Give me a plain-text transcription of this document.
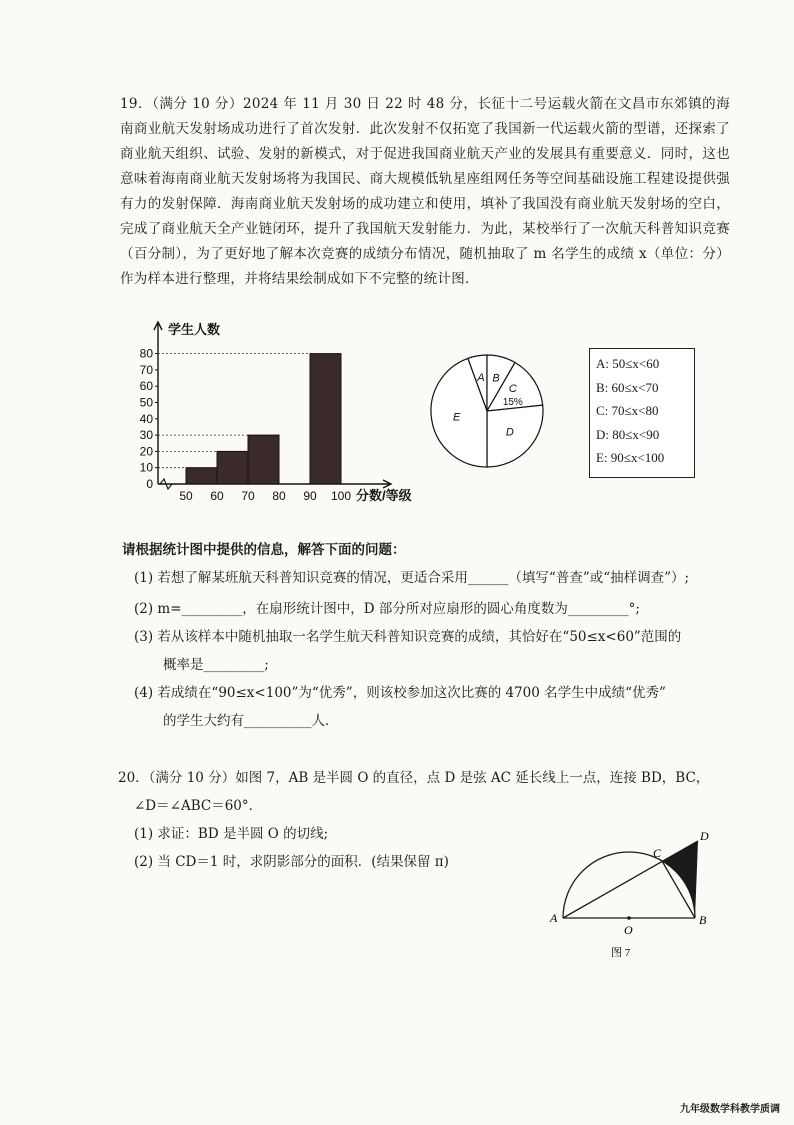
19．（满分 10 分）2024 年 11 月 30 日 22 时 48 分，长征十二号运载火箭在文昌市东郊镇的海南商业航天发射场成功进行了首次发射．此次发射不仅拓宽了我国新一代运载火箭的型谱，还探索了商业航天组织、试验、发射的新模式，对于促进我国商业航天产业的发展具有重要意义．同时，这也意味着海南商业航天发射场将为我国民、商大规模低轨星座组网任务等空间基础设施工程建设提供强有力的发射保障．海南商业航天发射场的成功建立和使用，填补了我国没有商业航天发射场的空白，完成了商业航天全产业链闭环，提升了我国航天发射能力．为此，某校举行了一次航天科普知识竞赛（百分制），为了更好地了解本次竞赛的成绩分布情况，随机抽取了 m 名学生的成绩 x（单位：分）作为样本进行整理，并将结果绘制成如下不完整的统计图．
0
10
20
30
40
50
60
70
80
50 60 70 80 90 100 分数/等级
学生人数
A B
C
15%
D
E
A: 50≤x<60
B: 60≤x<70
C: 70≤x<80
D: 80≤x<90
E: 90≤x<100
请根据统计图中提供的信息，解答下面的问题：
(1) 若想了解某班航天科普知识竞赛的情况，更适合采用______（填写“普查”或“抽样调查”）;
(2) m=_________，在扇形统计图中，D 部分所对应扇形的圆心角度数为_________°;
(3) 若从该样本中随机抽取一名学生航天科普知识竞赛的成绩，其恰好在“50≤x<60”范围的
概率是_________;
(4) 若成绩在“90≤x<100”为“优秀”，则该校参加这次比赛的 4700 名学生中成绩“优秀”
的学生大约有__________人．
20．（满分 10 分）如图 7，AB 是半圆 O 的直径，点 D 是弦 AC 延长线上一点，连接 BD，BC，
∠D＝∠ABC＝60°．
(1) 求证：BD 是半圆 O 的切线;
(2) 当 CD＝1 时，求阴影部分的面积．(结果保留 π)
A	B
C
D
O
图 7
九年级数学科教学质调
